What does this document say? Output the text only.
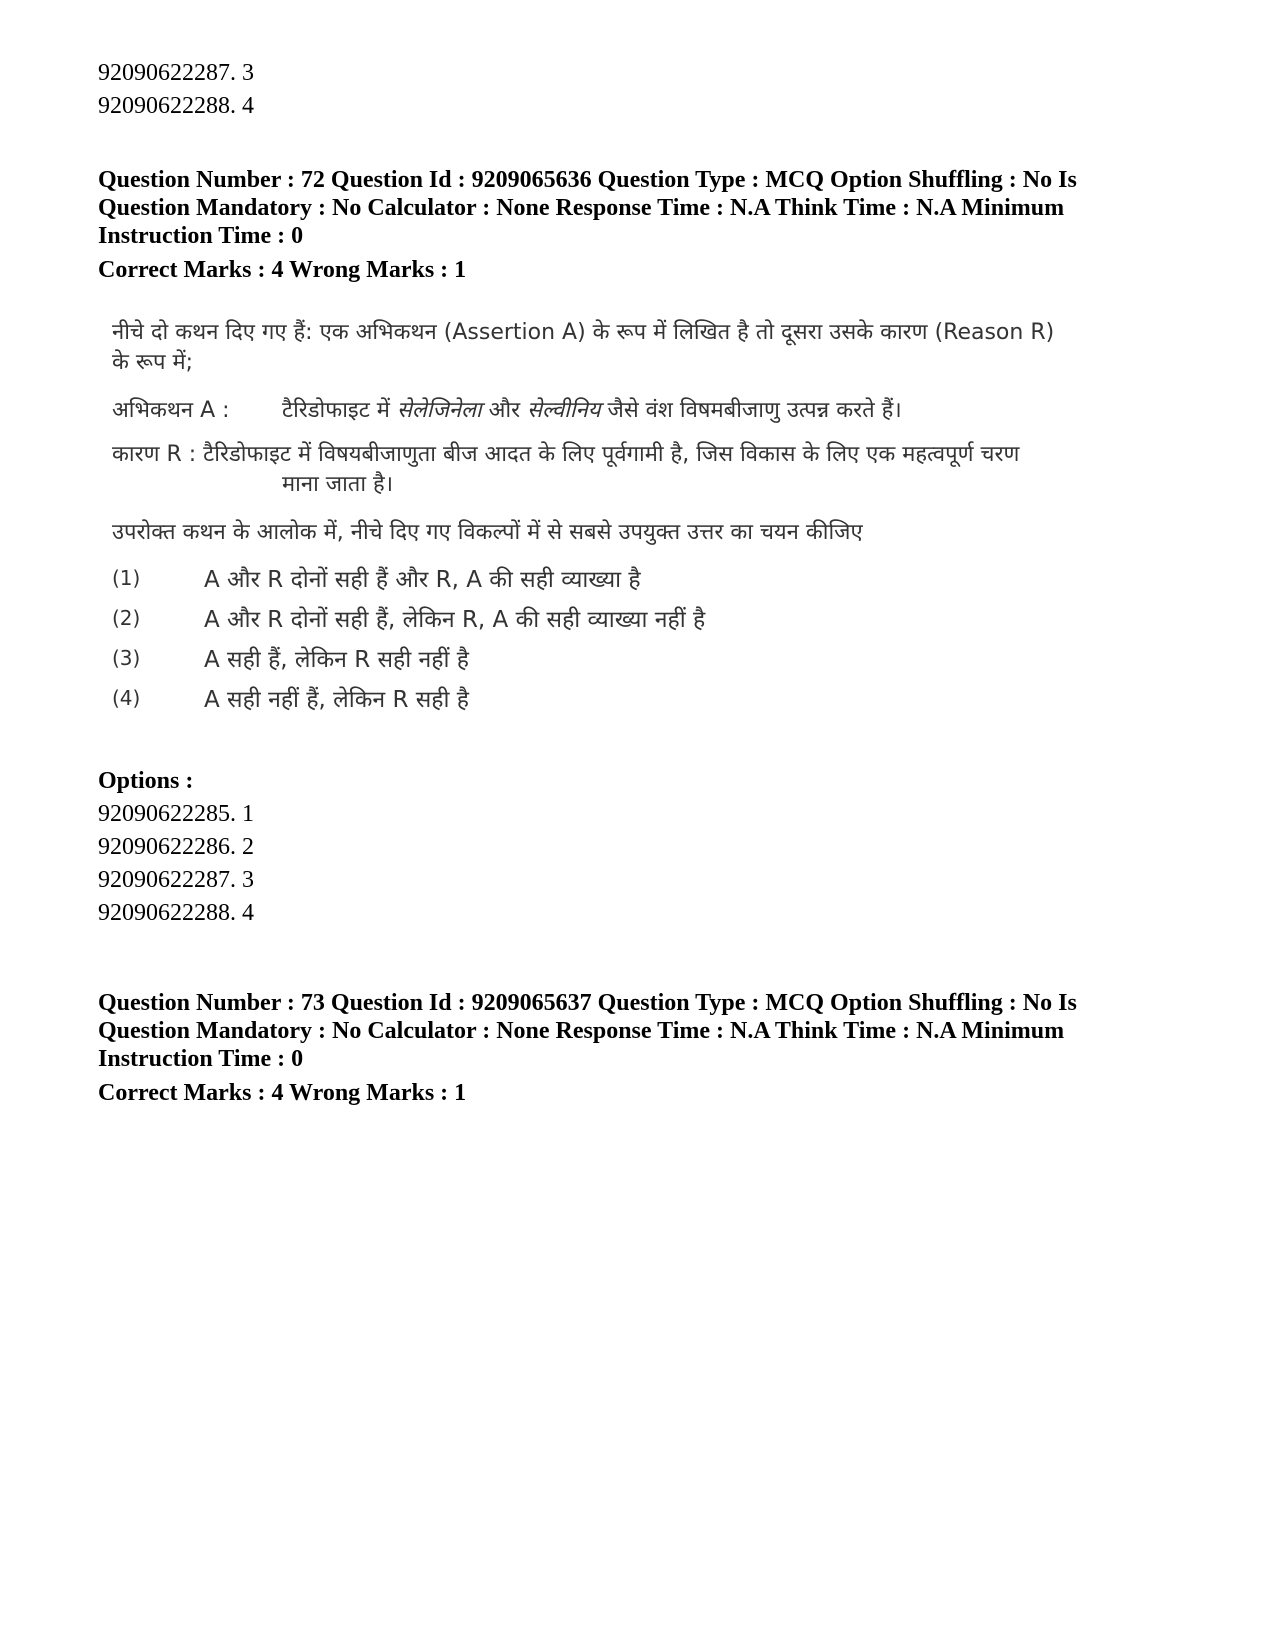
92090622287. 3
92090622288. 4

Question Number : 72 Question Id : 9209065636 Question Type : MCQ Option Shuffling : No Is

Question Mandatory : No Calculator : None Response Time : N.A Think Time : N.A Minimum

Instruction Time : 0

Correct Marks : 4 Wrong Marks : 1

नीचे दो कथन दिए गए हैं: एक अभिकथन (Assertion A) के रूप में लिखित है तो दूसरा उसके कारण (Reason R)
के रूप में;
अभिकथन A :	टैरिडोफाइट में सेलेजिनेला और सेल्वीनिय जैसे वंश विषमबीजाणु उत्पन्न करते हैं।
कारण R : टैरिडोफाइट में विषयबीजाणुता बीज आदत के लिए पूर्वगामी है, जिस विकास के लिए एक महत्वपूर्ण चरण
माना जाता है।
उपरोक्त कथन के आलोक में, नीचे दिए गए विकल्पों में से सबसे उपयुक्त उत्तर का चयन कीजिए
(1)	A और R दोनों सही हैं और R, A की सही व्याख्या है
(2)	A और R दोनों सही हैं, लेकिन R, A की सही व्याख्या नहीं है
(3)	A सही हैं, लेकिन R सही नहीं है
(4)	A सही नहीं हैं, लेकिन R सही है
Options :
92090622285. 1
92090622286. 2
92090622287. 3
92090622288. 4

Question Number : 73 Question Id : 9209065637 Question Type : MCQ Option Shuffling : No Is

Question Mandatory : No Calculator : None Response Time : N.A Think Time : N.A Minimum

Instruction Time : 0

Correct Marks : 4 Wrong Marks : 1
